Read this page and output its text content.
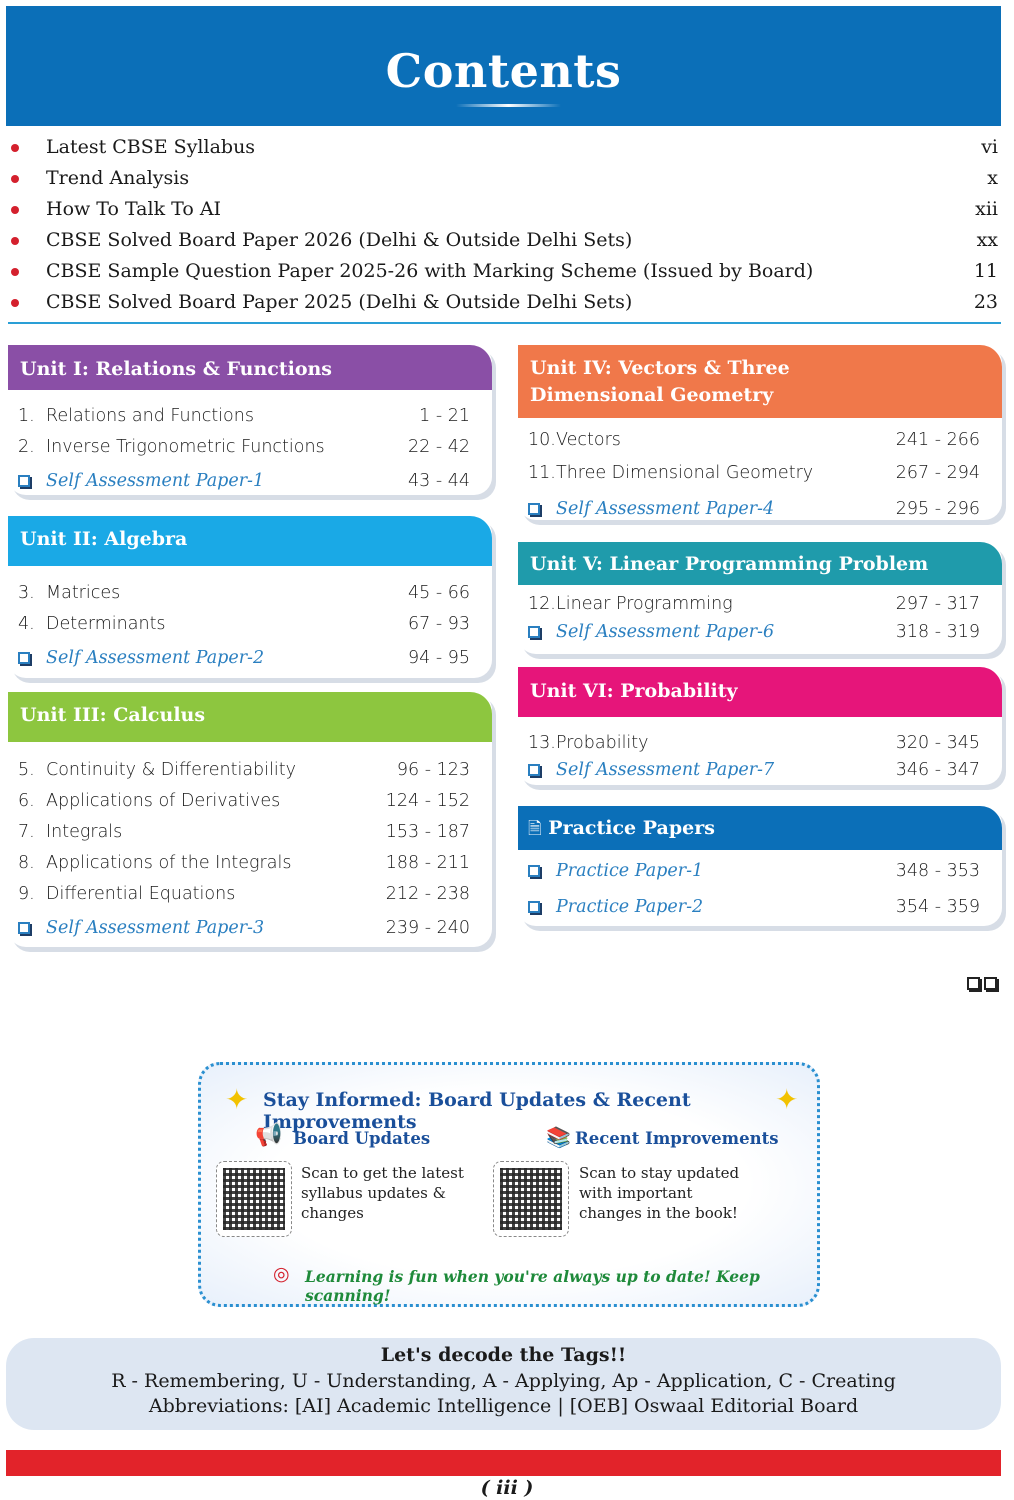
Contents
Latest CBSE Syllabus	vi
Trend Analysis	x
How To Talk To AI	xii
CBSE Solved Board Paper 2026 (Delhi & Outside Delhi Sets)	xx
CBSE Sample Question Paper 2025-26 with Marking Scheme (Issued by Board)	11
CBSE Solved Board Paper 2025 (Delhi & Outside Delhi Sets)	23
Unit I: Relations & Functions
1. Relations and Functions	1 - 21
2. Inverse Trigonometric Functions	22 - 42
Self Assessment Paper-1	43 - 44
Unit II: Algebra
3. Matrices	45 - 66
4. Determinants	67 - 93
Self Assessment Paper-2	94 - 95
Unit III: Calculus
5. Continuity & Differentiability	96 - 123
6. Applications of Derivatives	124 - 152
7. Integrals	153 - 187
8. Applications of the Integrals	188 - 211
9. Differential Equations	212 - 238
Self Assessment Paper-3	239 - 240
Unit IV: Vectors & Three
Dimensional Geometry
10. Vectors	241 - 266
11. Three Dimensional Geometry	267 - 294
Self Assessment Paper-4	295 - 296
Unit V: Linear Programming Problem
12. Linear Programming	297 - 317
Self Assessment Paper-6	318 - 319
Unit VI: Probability
13. Probability	320 - 345
Self Assessment Paper-7	346 - 347
🗎 Practice Papers
Practice Paper-1	348 - 353
Practice Paper-2	354 - 359
✦ Stay Informed: Board Updates & Recent Improvements
✦
📢 Board Updates	📚 Recent Improvements
Scan to get the latest syllabus updates & changes
Scan to stay updated with important changes in the book!
◎ Learning is fun when you're always up to date! Keep scanning!
Let's decode the Tags!!
R - Remembering, U - Understanding, A - Applying, Ap - Application, C - Creating
Abbreviations: [AI] Academic Intelligence | [OEB] Oswaal Editorial Board
( iii )
